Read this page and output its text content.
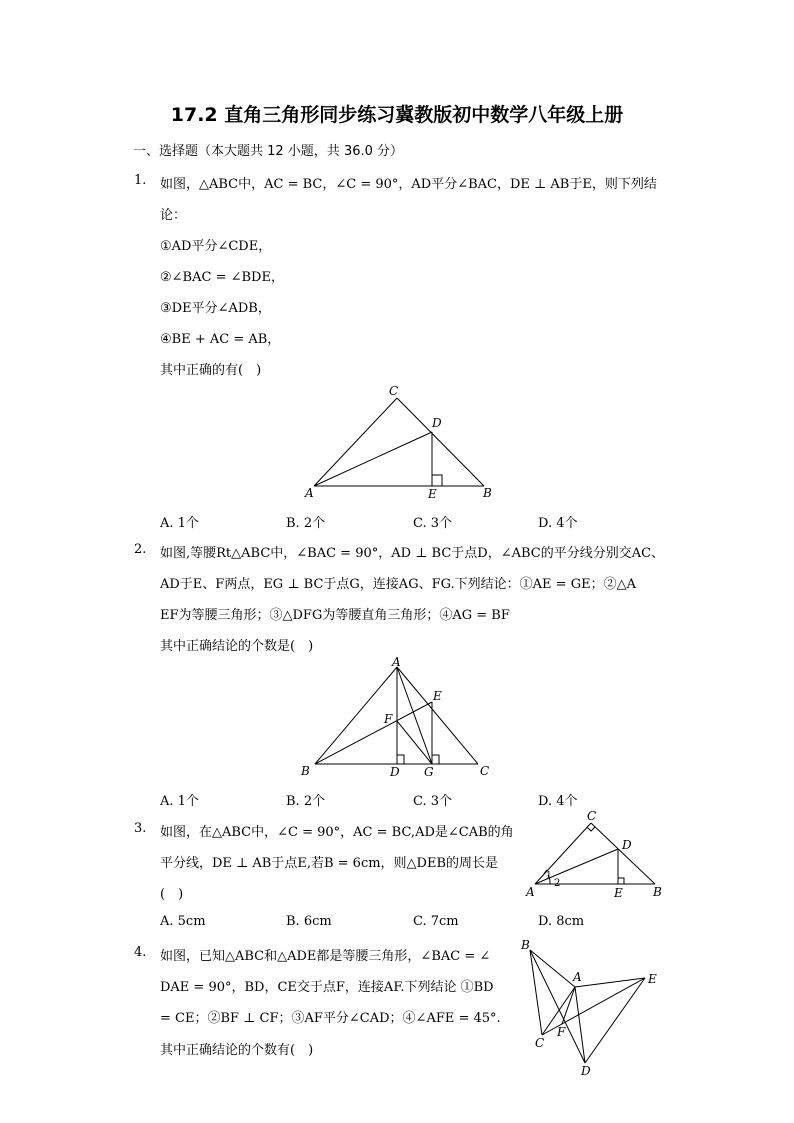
17.2 直角三角形同步练习冀教版初中数学八年级上册
一、选择题（本大题共 12 小题，共 36.0 分）
1. 如图，△ABC中，AC = BC，∠C = 90°，AD平分∠BAC，DE ⊥ AB于E，则下列结
论：
①AD平分∠CDE，
②∠BAC = ∠BDE，
③DE平分∠ADB，
④BE + AC = AB，
其中正确的有(　)
A	B
C
D
E
A. 1个	B. 2个	C. 3个	D. 4个
2. 如图,等腰Rt△ABC中，∠BAC = 90°，AD ⊥ BC于点D，∠ABC的平分线分别交AC、
AD于E、F两点，EG ⊥ BC于点G，连接AG、FG.下列结论：①AE = GE；②△A
EF为等腰三角形；③△DFG为等腰直角三角形；④AG = BF
其中正确结论的个数是(　)
A
B	C
D
E
F
G
A. 1个	B. 2个	C. 3个	D. 4个
3. 如图，在△ABC中，∠C = 90°，AC = BC,AD是∠CAB的角
平分线，DE ⊥ AB于点E,若B = 6cm，则△DEB的周长是
(　)	A	B
C
D
E
1
2
A. 5cm	B. 6cm	C. 7cm	D. 8cm
4. 如图，已知△ABC和△ADE都是等腰三角形，∠BAC = ∠
DAE = 90°，BD，CE交于点F，连接AF.下列结论 ①BD
= CE；②BF ⊥ CF；③AF平分∠CAD；④∠AFE = 45°.
其中正确结论的个数有(　)
B
A	E
C
F
D
